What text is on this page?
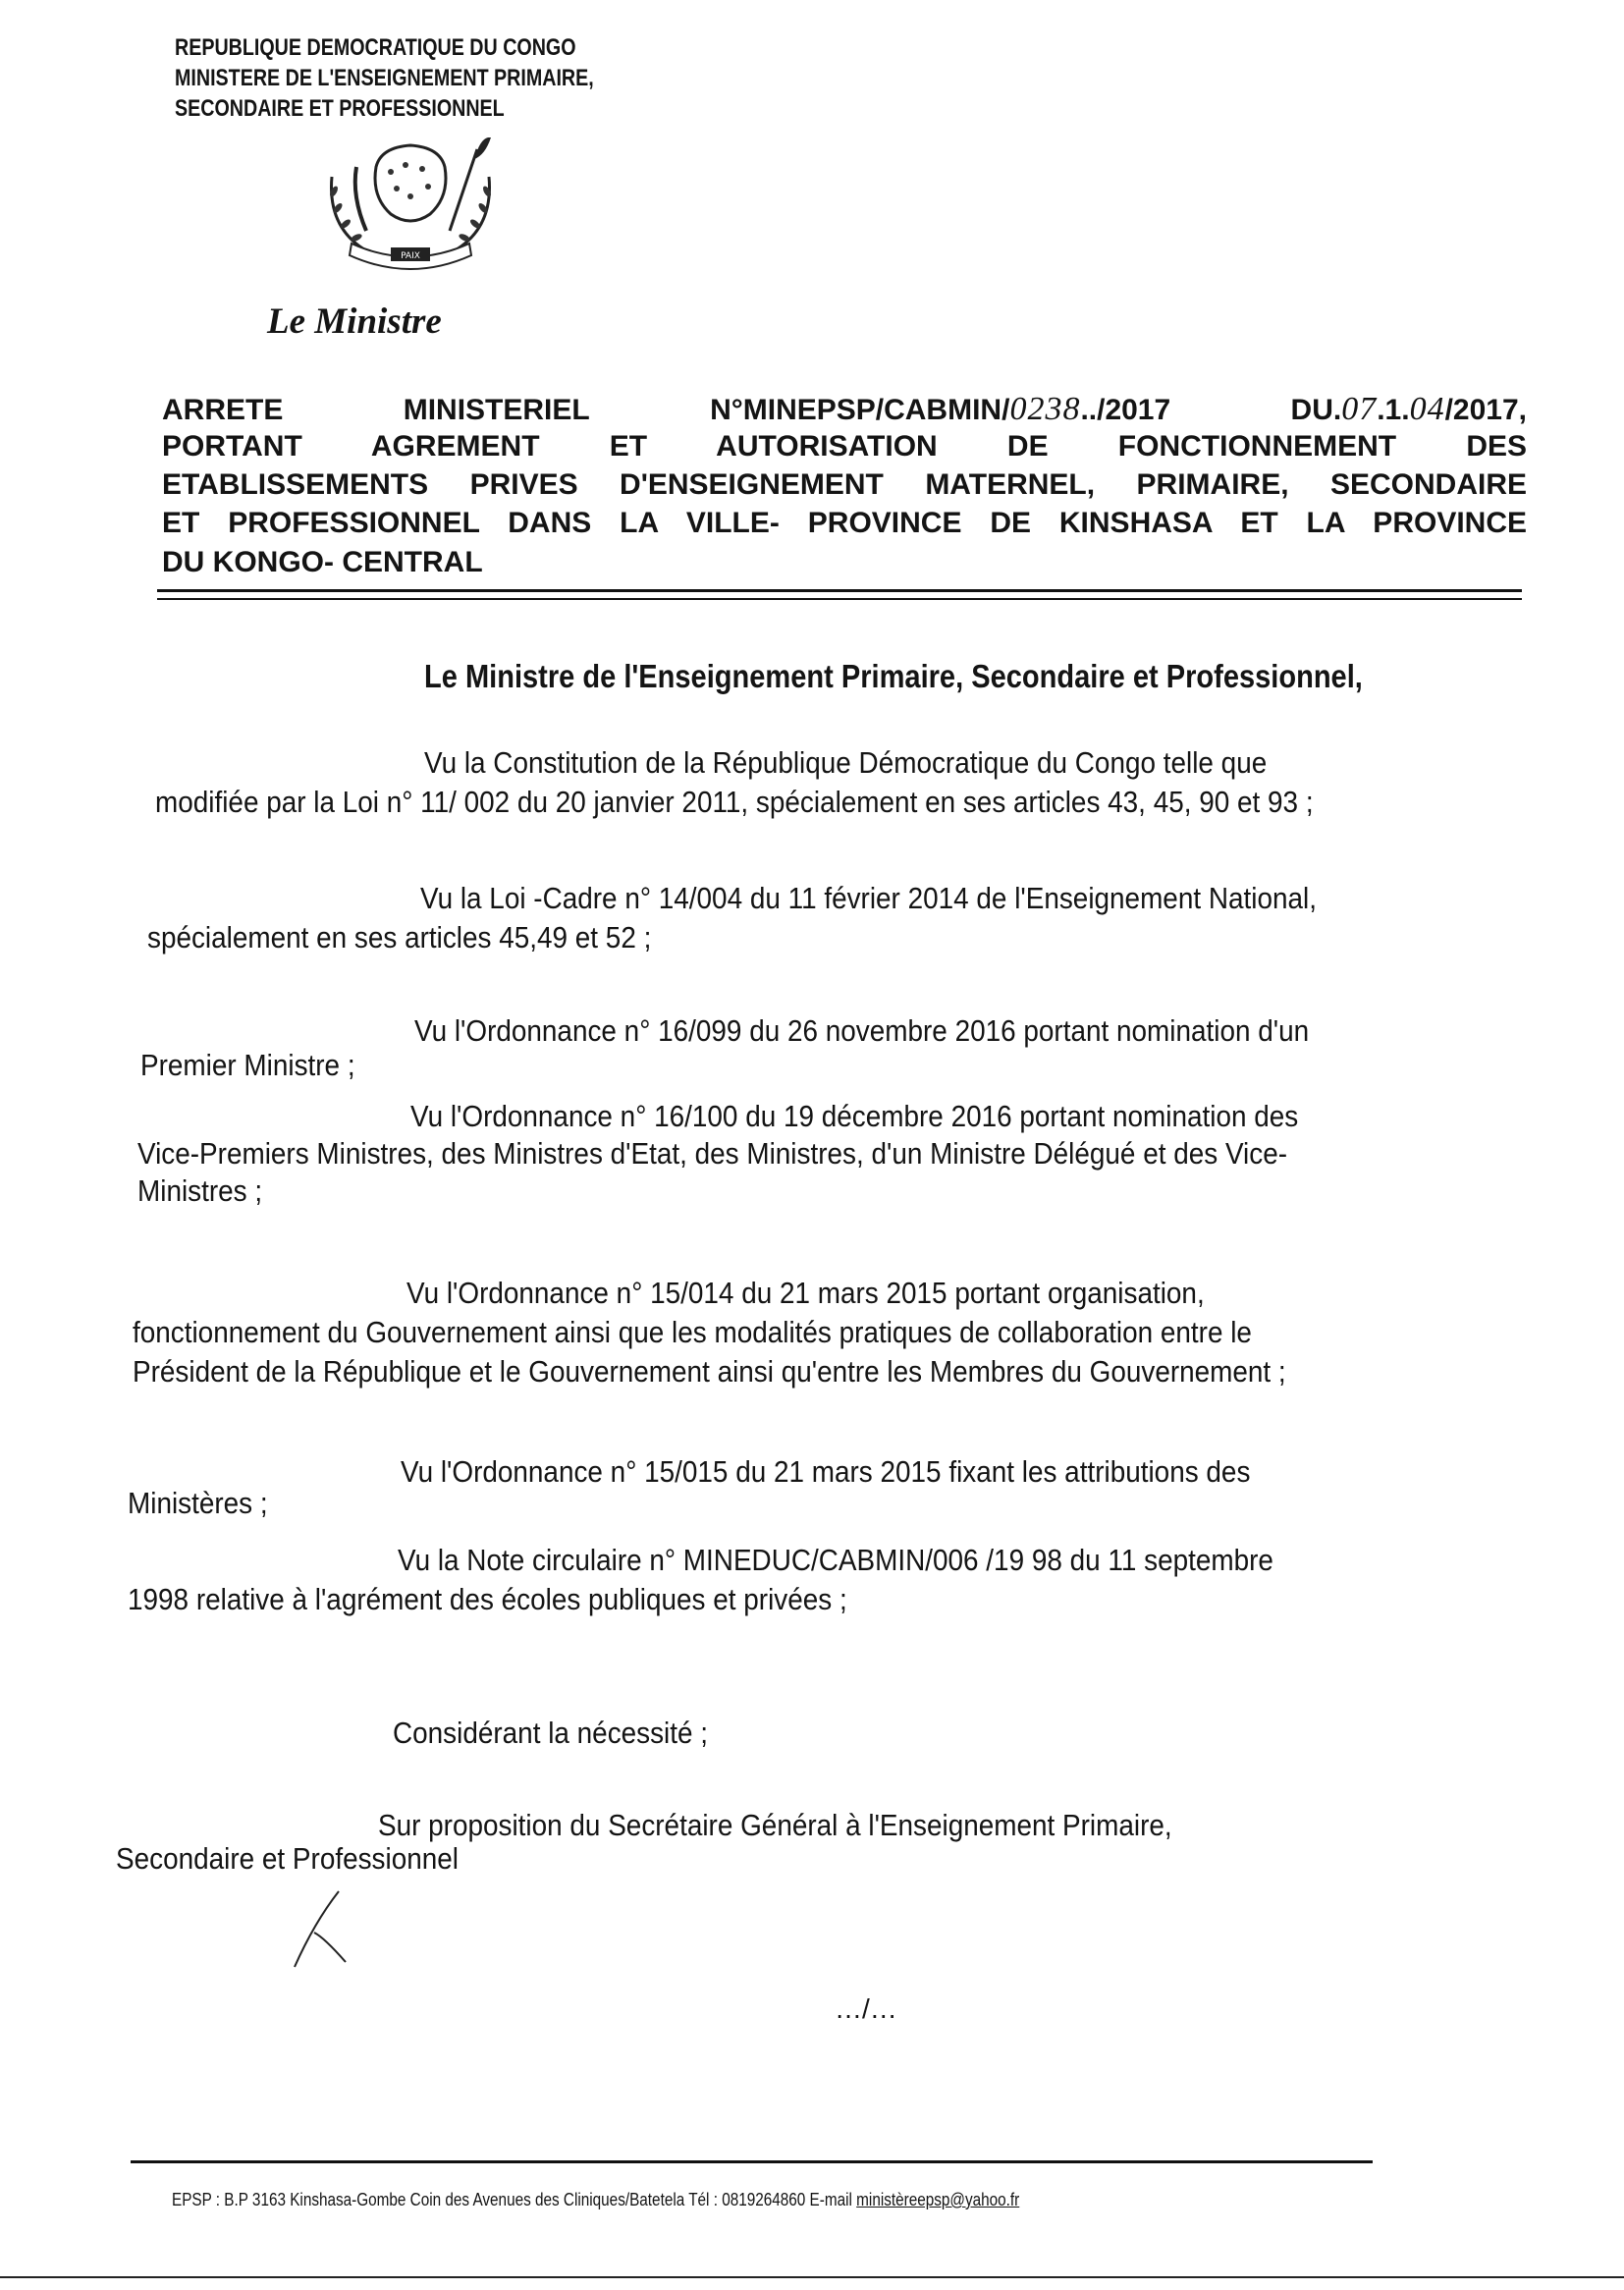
REPUBLIQUE DEMOCRATIQUE DU CONGO
MINISTERE DE L'ENSEIGNEMENT PRIMAIRE,
SECONDAIRE ET PROFESSIONNEL
PAIX
Le Ministre
ARRETE	MINISTERIEL	N°MINEPSP/CABMIN/0238../2017	DU.07.1.04/2017,
PORTANT AGREMENT ET AUTORISATION DE FONCTIONNEMENT DES
ETABLISSEMENTS PRIVES D'ENSEIGNEMENT MATERNEL, PRIMAIRE, SECONDAIRE
ET PROFESSIONNEL DANS LA VILLE- PROVINCE DE KINSHASA ET LA PROVINCE
DU KONGO- CENTRAL
Le Ministre de l'Enseignement Primaire, Secondaire et Professionnel,
Vu la Constitution de la République Démocratique du Congo telle que
modifiée par la Loi n° 11/ 002 du 20 janvier 2011, spécialement en ses articles 43, 45, 90 et 93 ;
Vu la Loi -Cadre n° 14/004 du 11 février 2014 de l'Enseignement National,
spécialement en ses articles 45,49 et 52 ;
Vu l'Ordonnance n° 16/099 du 26 novembre 2016 portant nomination d'un
Premier Ministre ;
Vu l'Ordonnance n° 16/100 du 19 décembre 2016 portant nomination des
Vice-Premiers Ministres, des Ministres d'Etat, des Ministres, d'un Ministre Délégué et des Vice-
Ministres ;
Vu l'Ordonnance n° 15/014 du 21 mars 2015 portant organisation,
fonctionnement du Gouvernement ainsi que les modalités pratiques de collaboration entre le
Président de la République et le Gouvernement ainsi qu'entre les Membres du Gouvernement ;
Vu l'Ordonnance n° 15/015 du 21 mars 2015 fixant les attributions des
Ministères ;
Vu la Note circulaire n° MINEDUC/CABMIN/006 /19 98 du 11 septembre
1998 relative à l'agrément des écoles publiques et privées ;
Considérant la nécessité ;
Sur proposition du Secrétaire Général à l'Enseignement Primaire,
Secondaire et Professionnel
…/…
EPSP : B.P 3163 Kinshasa-Gombe Coin des Avenues des Cliniques/Batetela Tél : 0819264860 E-mail ministèreepsp@yahoo.fr
